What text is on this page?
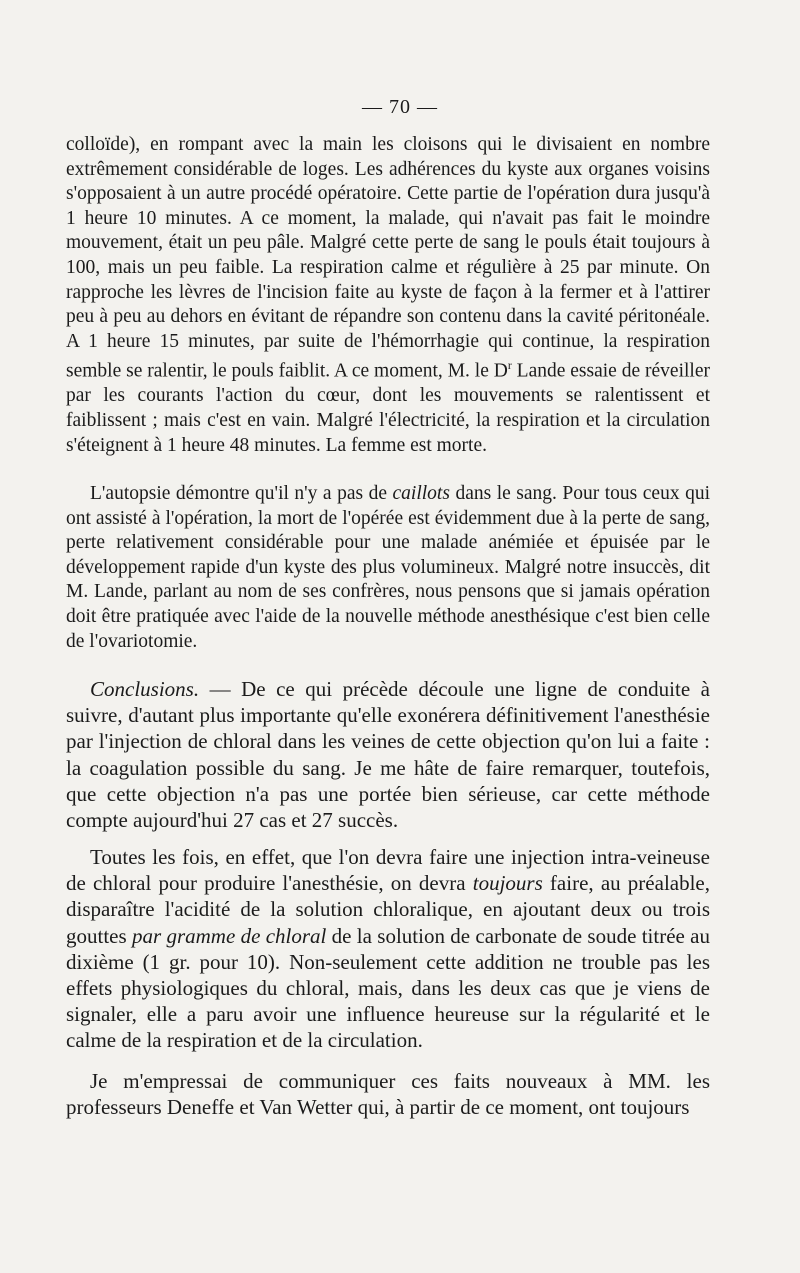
— 70 —

colloïde), en rompant avec la main les cloisons qui le divisaient en nombre extrêmement considérable de loges. Les adhérences du kyste aux organes voisins s'opposaient à un autre procédé opératoire. Cette partie de l'opération dura jusqu'à 1 heure 10 minutes. A ce moment, la malade, qui n'avait pas fait le moindre mouvement, était un peu pâle. Malgré cette perte de sang le pouls était toujours à 100, mais un peu faible. La respiration calme et régulière à 25 par minute. On rapproche les lèvres de l'incision faite au kyste de façon à la fermer et à l'attirer peu à peu au dehors en évitant de répandre son contenu dans la cavité péritonéale. A 1 heure 15 minutes, par suite de l'hémorrhagie qui continue, la respiration semble se ralentir, le pouls faiblit. A ce moment, M. le $D^r$ Lande essaie de réveiller par les courants l'action du cœur, dont les mouvements se ralentissent et faiblissent ; mais c'est en vain. Malgré l'électricité, la respiration et la circulation s'éteignent à 1 heure 48 minutes. La femme est morte.

L'autopsie démontre qu'il n'y a pas de caillots dans le sang. Pour tous ceux qui ont assisté à l'opération, la mort de l'opérée est évidemment due à la perte de sang, perte relativement considérable pour une malade anémiée et épuisée par le développement rapide d'un kyste des plus volumineux. Malgré notre insuccès, dit M. Lande, parlant au nom de ses confrères, nous pensons que si jamais opération doit être pratiquée avec l'aide de la nouvelle méthode anesthésique c'est bien celle de l'ovariotomie.

Conclusions. — De ce qui précède découle une ligne de conduite à suivre, d'autant plus importante qu'elle exonérera définitivement l'anesthésie par l'injection de chloral dans les veines de cette objection qu'on lui a faite : la coagulation possible du sang. Je me hâte de faire remarquer, toutefois, que cette objection n'a pas une portée bien sérieuse, car cette méthode compte aujourd'hui 27 cas et 27 succès.

Toutes les fois, en effet, que l'on devra faire une injection intra-veineuse de chloral pour produire l'anesthésie, on devra toujours faire, au préalable, disparaître l'acidité de la solution chloralique, en ajoutant deux ou trois gouttes par gramme de chloral de la solution de carbonate de soude titrée au dixième (1 gr. pour 10). Non-seulement cette addition ne trouble pas les effets physiologiques du chloral, mais, dans les deux cas que je viens de signaler, elle a paru avoir une influence heureuse sur la régularité et le calme de la respiration et de la circulation.

Je m'empressai de communiquer ces faits nouveaux à MM. les professeurs Deneffe et Van Wetter qui, à partir de ce moment, ont toujours
